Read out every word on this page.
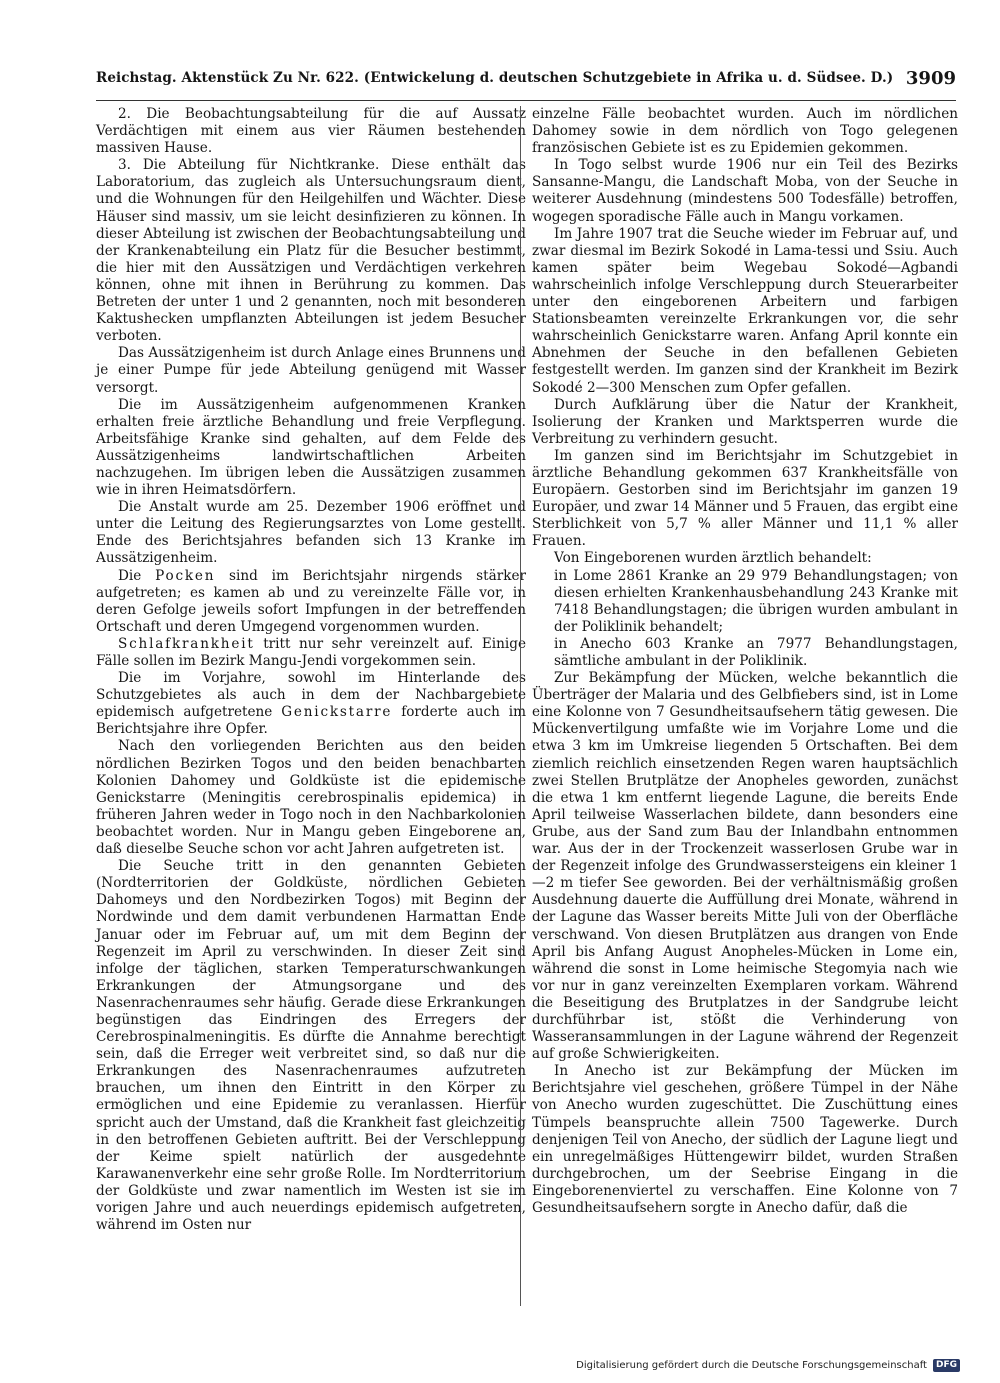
Reichstag. Aktenstück Zu Nr. 622. (Entwickelung d. deutschen Schutzgebiete in Afrika u. d. Südsee. D.) 3909

2. Die Beobachtungsabteilung für die auf Aussatz Verdächtigen mit einem aus vier Räumen bestehenden massiven Hause.

3. Die Abteilung für Nichtkranke. Diese enthält das Laboratorium, das zugleich als Untersuchungsraum dient, und die Wohnungen für den Heilgehilfen und Wächter. Diese Häuser sind massiv, um sie leicht desinfizieren zu können. In dieser Abteilung ist zwischen der Beobachtungsabteilung und der Krankenabteilung ein Platz für die Besucher bestimmt, die hier mit den Aussätzigen und Verdächtigen verkehren können, ohne mit ihnen in Berührung zu kommen. Das Betreten der unter 1 und 2 genannten, noch mit besonderen Kaktushecken umpflanzten Abteilungen ist jedem Besucher verboten.

Das Aussätzigenheim ist durch Anlage eines Brunnens und je einer Pumpe für jede Abteilung genügend mit Wasser versorgt.

Die im Aussätzigenheim aufgenommenen Kranken erhalten freie ärztliche Behandlung und freie Verpflegung. Arbeitsfähige Kranke sind gehalten, auf dem Felde des Aussätzigenheims landwirtschaftlichen Arbeiten nachzugehen. Im übrigen leben die Aussätzigen zusammen wie in ihren Heimatsdörfern.

Die Anstalt wurde am 25. Dezember 1906 eröffnet und unter die Leitung des Regierungsarztes von Lome gestellt. Ende des Berichtsjahres befanden sich 13 Kranke im Aussätzigenheim.

Die Pocken sind im Berichtsjahr nirgends stärker aufgetreten; es kamen ab und zu vereinzelte Fälle vor, in deren Gefolge jeweils sofort Impfungen in der betreffenden Ortschaft und deren Umgegend vorgenommen wurden.

Schlafkrankheit tritt nur sehr vereinzelt auf. Einige Fälle sollen im Bezirk Mangu-Jendi vorgekommen sein.

Die im Vorjahre, sowohl im Hinterlande des Schutzgebietes als auch in dem der Nachbargebiete epidemisch aufgetretene Genickstarre forderte auch im Berichtsjahre ihre Opfer.

Nach den vorliegenden Berichten aus den beiden nördlichen Bezirken Togos und den beiden benachbarten Kolonien Dahomey und Goldküste ist die epidemische Genickstarre (Meningitis cerebrospinalis epidemica) in früheren Jahren weder in Togo noch in den Nachbarkolonien beobachtet worden. Nur in Mangu geben Eingeborene an, daß dieselbe Seuche schon vor acht Jahren aufgetreten ist.

Die Seuche tritt in den genannten Gebieten (Nordterritorien der Goldküste, nördlichen Gebieten Dahomeys und den Nordbezirken Togos) mit Beginn der Nordwinde und dem damit verbundenen Harmattan Ende Januar oder im Februar auf, um mit dem Beginn der Regenzeit im April zu verschwinden. In dieser Zeit sind infolge der täglichen, starken Temperaturschwankungen Erkrankungen der Atmungsorgane und des Nasenrachenraumes sehr häufig. Gerade diese Erkrankungen begünstigen das Eindringen des Erregers der Cerebrospinalmeningitis. Es dürfte die Annahme berechtigt sein, daß die Erreger weit verbreitet sind, so daß nur die Erkrankungen des Nasenrachenraumes aufzutreten brauchen, um ihnen den Eintritt in den Körper zu ermöglichen und eine Epidemie zu veranlassen. Hierfür spricht auch der Umstand, daß die Krankheit fast gleichzeitig in den betroffenen Gebieten auftritt. Bei der Verschleppung der Keime spielt natürlich der ausgedehnte Karawanenverkehr eine sehr große Rolle. Im Nordterritorium der Goldküste und zwar namentlich im Westen ist sie im vorigen Jahre und auch neuerdings epidemisch aufgetreten, während im Osten nur

einzelne Fälle beobachtet wurden. Auch im nördlichen Dahomey sowie in dem nördlich von Togo gelegenen französischen Gebiete ist es zu Epidemien gekommen.

In Togo selbst wurde 1906 nur ein Teil des Bezirks Sansanne-Mangu, die Landschaft Moba, von der Seuche in weiterer Ausdehnung (mindestens 500 Todesfälle) betroffen, wogegen sporadische Fälle auch in Mangu vorkamen.

Im Jahre 1907 trat die Seuche wieder im Februar auf, und zwar diesmal im Bezirk Sokodé in Lama-tessi und Ssiu. Auch kamen später beim Wegebau Sokodé—Agbandi wahrscheinlich infolge Verschleppung durch Steuerarbeiter unter den eingeborenen Arbeitern und farbigen Stationsbeamten vereinzelte Erkrankungen vor, die sehr wahrscheinlich Genickstarre waren. Anfang April konnte ein Abnehmen der Seuche in den befallenen Gebieten festgestellt werden. Im ganzen sind der Krankheit im Bezirk Sokodé 2—300 Menschen zum Opfer gefallen.

Durch Aufklärung über die Natur der Krankheit, Isolierung der Kranken und Marktsperren wurde die Verbreitung zu verhindern gesucht.

Im ganzen sind im Berichtsjahr im Schutzgebiet in ärztliche Behandlung gekommen 637 Krankheitsfälle von Europäern. Gestorben sind im Berichtsjahr im ganzen 19 Europäer, und zwar 14 Männer und 5 Frauen, das ergibt eine Sterblichkeit von 5,7 % aller Männer und 11,1 % aller Frauen.

Von Eingeborenen wurden ärztlich behandelt:

in Lome 2861 Kranke an 29 979 Behandlungstagen; von diesen erhielten Krankenhausbehandlung 243 Kranke mit 7418 Behandlungstagen; die übrigen wurden ambulant in der Poliklinik behandelt;

in Anecho 603 Kranke an 7977 Behandlungstagen, sämtliche ambulant in der Poliklinik.

Zur Bekämpfung der Mücken, welche bekanntlich die Überträger der Malaria und des Gelbfiebers sind, ist in Lome eine Kolonne von 7 Gesundheitsaufsehern tätig gewesen. Die Mückenvertilgung umfaßte wie im Vorjahre Lome und die etwa 3 km im Umkreise liegenden 5 Ortschaften. Bei dem ziemlich reichlich einsetzenden Regen waren hauptsächlich zwei Stellen Brutplätze der Anopheles geworden, zunächst die etwa 1 km entfernt liegende Lagune, die bereits Ende April teilweise Wasserlachen bildete, dann besonders eine Grube, aus der Sand zum Bau der Inlandbahn entnommen war. Aus der in der Trockenzeit wasserlosen Grube war in der Regenzeit infolge des Grundwassersteigens ein kleiner 1—2 m tiefer See geworden. Bei der verhältnismäßig großen Ausdehnung dauerte die Auffüllung drei Monate, während in der Lagune das Wasser bereits Mitte Juli von der Oberfläche verschwand. Von diesen Brutplätzen aus drangen von Ende April bis Anfang August Anopheles-Mücken in Lome ein, während die sonst in Lome heimische Stegomyia nach wie vor nur in ganz vereinzelten Exemplaren vorkam. Während die Beseitigung des Brutplatzes in der Sandgrube leicht durchführbar ist, stößt die Verhinderung von Wasseransammlungen in der Lagune während der Regenzeit auf große Schwierigkeiten.

In Anecho ist zur Bekämpfung der Mücken im Berichtsjahre viel geschehen, größere Tümpel in der Nähe von Anecho wurden zugeschüttet. Die Zuschüttung eines Tümpels beanspruchte allein 7500 Tagewerke. Durch denjenigen Teil von Anecho, der südlich der Lagune liegt und ein unregelmäßiges Hüttengewirr bildet, wurden Straßen durchgebrochen, um der Seebrise Eingang in die Eingeborenenviertel zu verschaffen. Eine Kolonne von 7 Gesundheitsaufsehern sorgte in Anecho dafür, daß die

Digitalisierung gefördert durch die Deutsche Forschungsgemeinschaft	DFG
